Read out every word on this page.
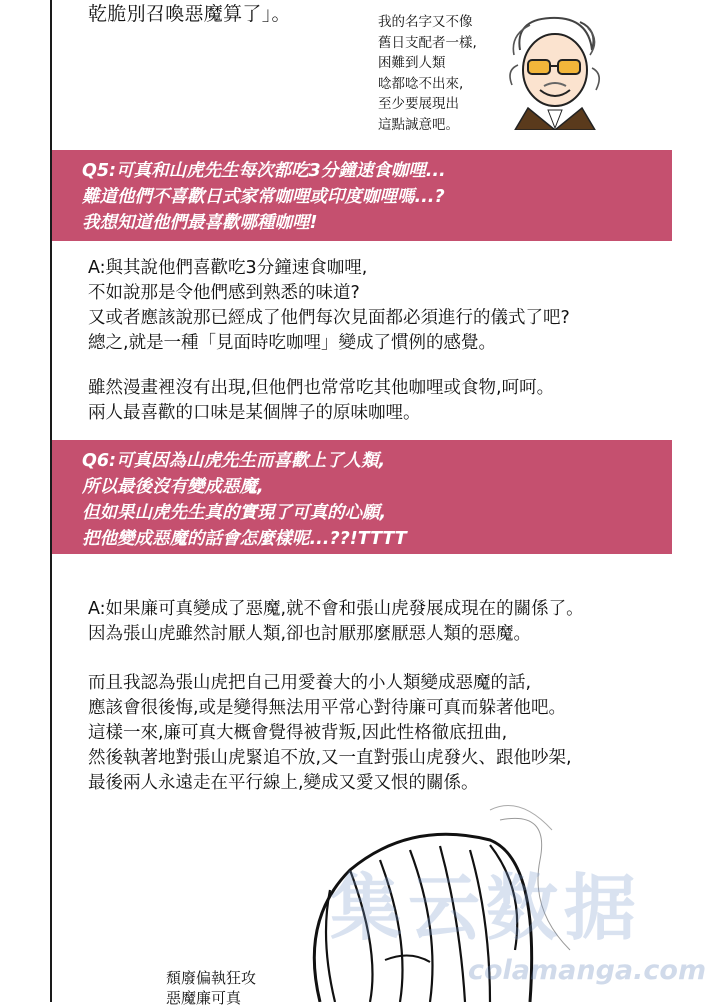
乾脆別召喚惡魔算了」。	我的名字又不像
舊日支配者一樣,
困難到人類
唸都唸不出來,
至少要展現出
這點誠意吧。
Q5:可真和山虎先生每次都吃3分鐘速食咖哩...
難道他們不喜歡日式家常咖哩或印度咖哩嗎...?
我想知道他們最喜歡哪種咖哩!
A:與其說他們喜歡吃3分鐘速食咖哩,
不如說那是令他們感到熟悉的味道?
又或者應該說那已經成了他們每次見面都必須進行的儀式了吧?
總之,就是一種「見面時吃咖哩」變成了慣例的感覺。
雖然漫畫裡沒有出現,但他們也常常吃其他咖哩或食物,呵呵。
兩人最喜歡的口味是某個牌子的原味咖哩。
Q6:可真因為山虎先生而喜歡上了人類,
所以最後沒有變成惡魔,
但如果山虎先生真的實現了可真的心願,
把他變成惡魔的話會怎麼樣呢...??!TTTT
A:如果廉可真變成了惡魔,就不會和張山虎發展成現在的關係了。
因為張山虎雖然討厭人類,卻也討厭那麼厭惡人類的惡魔。
而且我認為張山虎把自己用愛養大的小人類變成惡魔的話,
應該會很後悔,或是變得無法用平常心對待廉可真而躲著他吧。
這樣一來,廉可真大概會覺得被背叛,因此性格徹底扭曲,
然後執著地對張山虎緊追不放,又一直對張山虎發火、跟他吵架,
最後兩人永遠走在平行線上,變成又愛又恨的關係。
集云数据
colamanga.com
頹廢偏執狂攻
惡魔廉可真
